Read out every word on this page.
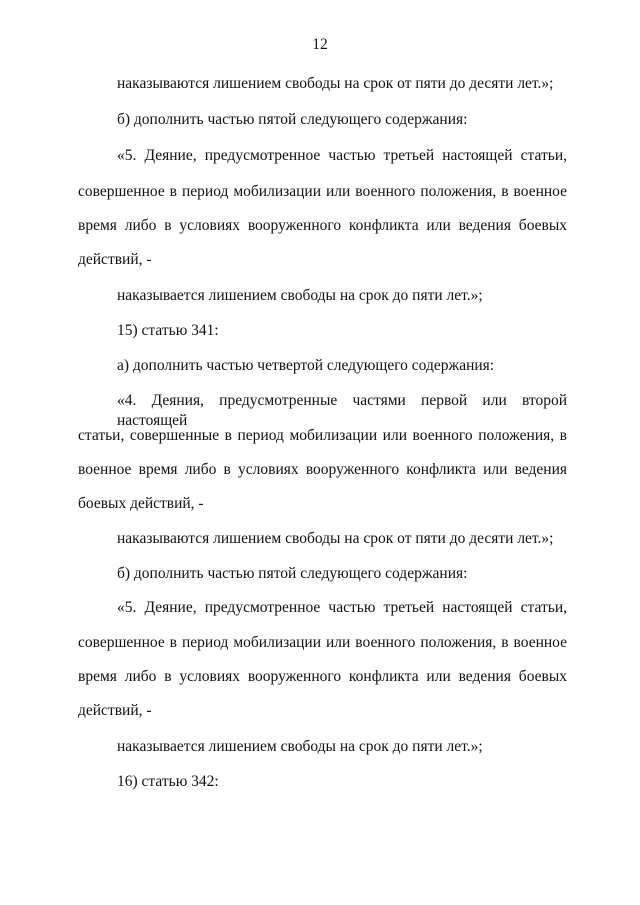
12
наказываются лишением свободы на срок от пяти до десяти лет.»;
б) дополнить частью пятой следующего содержания:
«5. Деяние, предусмотренное частью третьей настоящей статьи,
совершенное в период мобилизации или военного положения, в военное
время либо в условиях вооруженного конфликта или ведения боевых
действий, -
наказывается лишением свободы на срок до пяти лет.»;
15) статью 341:
а) дополнить частью четвертой следующего содержания:
«4. Деяния, предусмотренные частями первой или второй настоящей
статьи, совершенные в период мобилизации или военного положения, в
военное время либо в условиях вооруженного конфликта или ведения
боевых действий, -
наказываются лишением свободы на срок от пяти до десяти лет.»;
б) дополнить частью пятой следующего содержания:
«5. Деяние, предусмотренное частью третьей настоящей статьи,
совершенное в период мобилизации или военного положения, в военное
время либо в условиях вооруженного конфликта или ведения боевых
действий, -
наказывается лишением свободы на срок до пяти лет.»;
16) статью 342:
